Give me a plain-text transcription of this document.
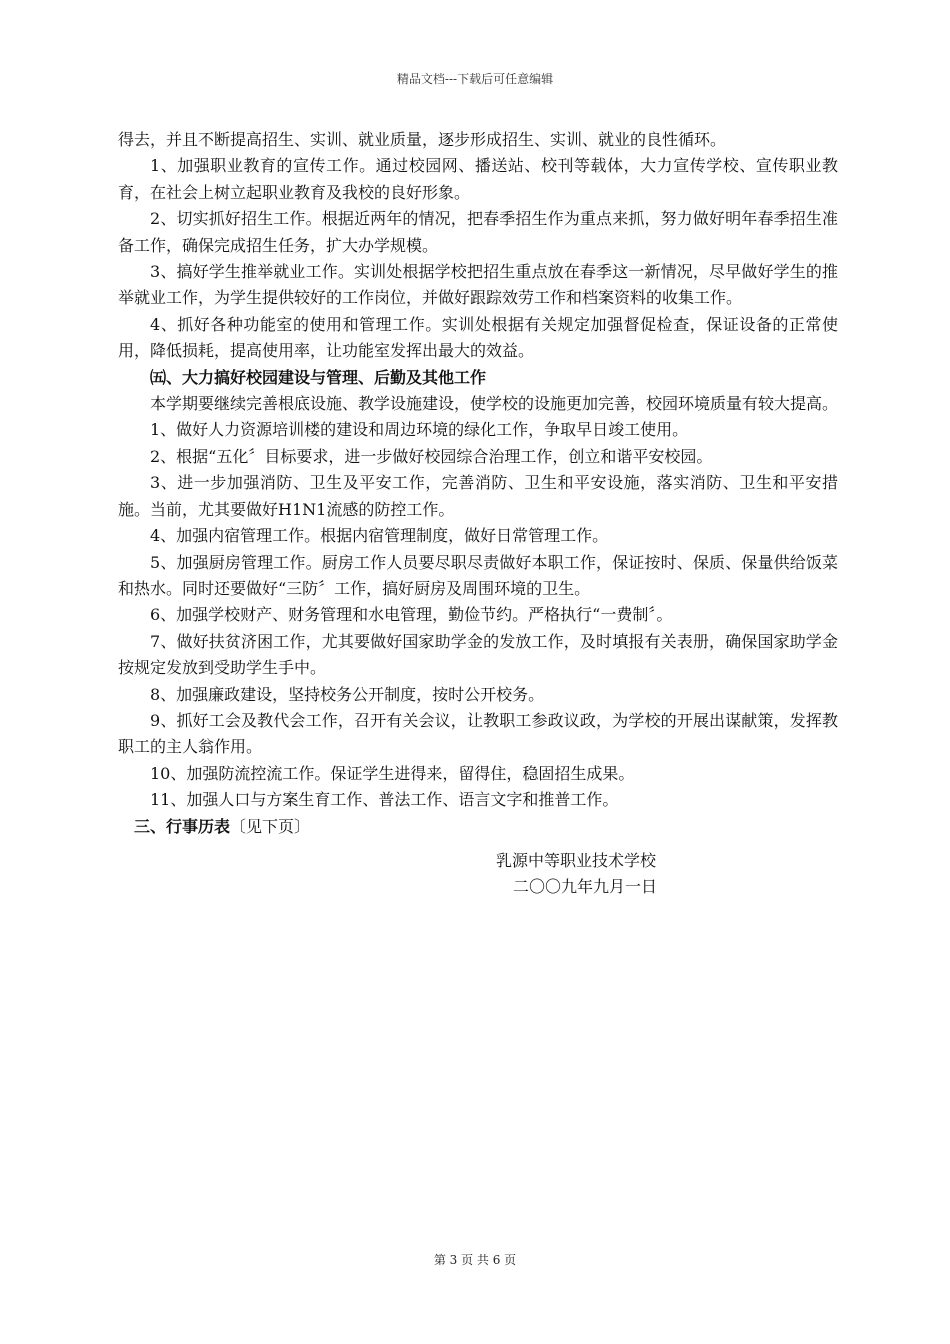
精品文档---下载后可任意编辑

得去，并且不断提高招生、实训、就业质量，逐步形成招生、实训、就业的良性循环。

1、加强职业教育的宣传工作。通过校园网、播送站、校刊等载体，大力宣传学校、宣传职业教育，在社会上树立起职业教育及我校的良好形象。

2、切实抓好招生工作。根据近两年的情况，把春季招生作为重点来抓，努力做好明年春季招生准备工作，确保完成招生任务，扩大办学规模。

3、搞好学生推举就业工作。实训处根据学校把招生重点放在春季这一新情况，尽早做好学生的推举就业工作，为学生提供较好的工作岗位，并做好跟踪效劳工作和档案资料的收集工作。

4、抓好各种功能室的使用和管理工作。实训处根据有关规定加强督促检查，保证设备的正常使用，降低损耗，提高使用率，让功能室发挥出最大的效益。

㈤、大力搞好校园建设与管理、后勤及其他工作

本学期要继续完善根底设施、教学设施建设，使学校的设施更加完善，校园环境质量有较大提高。

1、做好人力资源培训楼的建设和周边环境的绿化工作，争取早日竣工使用。

2、根据“五化〞目标要求，进一步做好校园综合治理工作，创立和谐平安校园。

3、进一步加强消防、卫生及平安工作，完善消防、卫生和平安设施，落实消防、卫生和平安措施。当前，尤其要做好H1N1流感的防控工作。

4、加强内宿管理工作。根据内宿管理制度，做好日常管理工作。

5、加强厨房管理工作。厨房工作人员要尽职尽责做好本职工作，保证按时、保质、保量供给饭菜和热水。同时还要做好“三防〞工作，搞好厨房及周围环境的卫生。

6、加强学校财产、财务管理和水电管理，勤俭节约。严格执行“一费制〞。

7、做好扶贫济困工作，尤其要做好国家助学金的发放工作，及时填报有关表册，确保国家助学金按规定发放到受助学生手中。

8、加强廉政建设，坚持校务公开制度，按时公开校务。

9、抓好工会及教代会工作，召开有关会议，让教职工参政议政，为学校的开展出谋献策，发挥教职工的主人翁作用。

10、加强防流控流工作。保证学生进得来，留得住，稳固招生成果。

11、加强人口与方案生育工作、普法工作、语言文字和推普工作。

三、行事历表〔见下页〕

乳源中等职业技术学校
二〇〇九年九月一日
第 3 页 共 6 页
